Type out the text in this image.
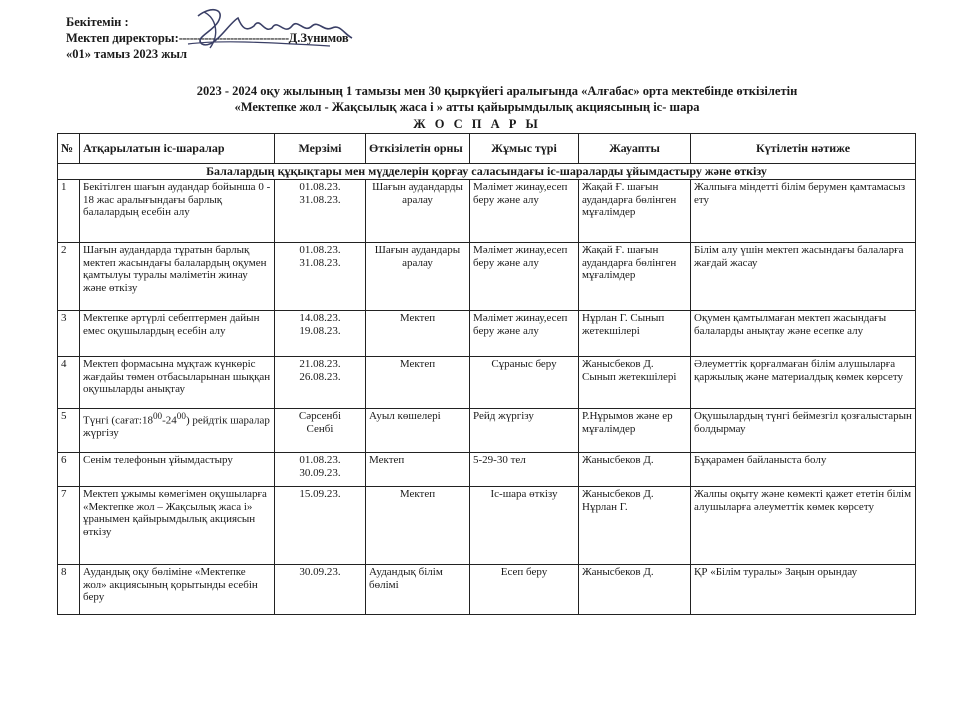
Бекітемін :
Мектеп директоры:------------------------------Д.Зунимов
«01» тамыз 2023 жыл
2023 - 2024 оқу жылының 1 тамызы мен 30 қыркүйегі аралығында «Алғабас» орта мектебінде өткізілетін
«Мектепке жол - Жақсылық жаса і » атты қайырымдылық акциясының іс- шара
Ж О С П А Р Ы
№	Атқарылатын іс-шаралар	Мерзімі	Өткізілетін орны	Жұмыс түрі	Жауапты	Күтілетін нәтиже
Балалардың құқықтары мен мүдделерін қорғау саласындағы іс-шараларды ұйымдастыру және өткізу						
1	Бекітілген шағын аудандар бойынша 0 - 18 жас аралығындағы барлық балалардың есебін алу	01.08.23.
31.08.23.	Шағын аудандарды аралау	Мәлімет жинау,есеп беру және алу	Жақай Ғ. шағын аудандарға бөлінген мұғалімдер	Жалпыға міндетті білім берумен қамтамасыз ету
2	Шағын аудандарда тұратын барлық мектеп жасындағы балалардың оқумен қамтылуы туралы мәліметін жинау және өткізу	01.08.23.
31.08.23.	Шағын аудандары аралау	Мәлімет жинау,есеп беру және алу	Жақай Ғ. шағын аудандарға бөлінген мұғалімдер	Білім алу үшін мектеп жасындағы балаларға жағдай жасау
3	Мектепке әртүрлі себептермен дайын емес оқушылардың есебін алу	14.08.23.
19.08.23.	Мектеп	Мәлімет жинау,есеп беру және алу	Нұрлан Г. Сынып жетекшілері	Оқумен қамтылмаған мектеп жасындағы балаларды анықтау және есепке алу
4	Мектеп формасына мұқтаж күнкөріс жағдайы төмен отбасыларынан шыққан оқушыларды анықтау	21.08.23.
26.08.23.	Мектеп	Сұраныс беру	Жанысбеков Д. Сынып жетекшілері	Әлеуметтік қорғалмаған білім алушыларға қаржылық және материалдық көмек көрсету
5	Түнгі $(сағат:18^{00}-24^{00})$ рейдтік шаралар жүргізу	Сәрсенбі
Сенбі	Ауыл көшелері	Рейд жүргізу	Р.Нұрымов және ер мұғалімдер	Оқушылардың түнгі беймезгіл қозғалыстарын болдырмау
6	Сенім телефонын ұйымдастыру	01.08.23.
30.09.23.	Мектеп	5-29-30 тел	Жанысбеков Д.	Бұқарамен байланыста болу
7	Мектеп ұжымы көмегімен оқушыларға «Мектепке жол – Жақсылық жаса і» ұранымен қайырымдылық акциясын өткізу	15.09.23.	Мектеп	Іс-шара өткізу	Жанысбеков Д. Нұрлан Г.	Жалпы оқыту және көмекті қажет ететін білім алушыларға әлеуметтік көмек көрсету
8	Аудандық оқу бөліміне «Мектепке жол» акциясының қорытынды есебін беру	30.09.23.	Аудандық білім бөлімі	Есеп беру	Жанысбеков Д.	ҚР «Білім туралы» Заңын орындау
